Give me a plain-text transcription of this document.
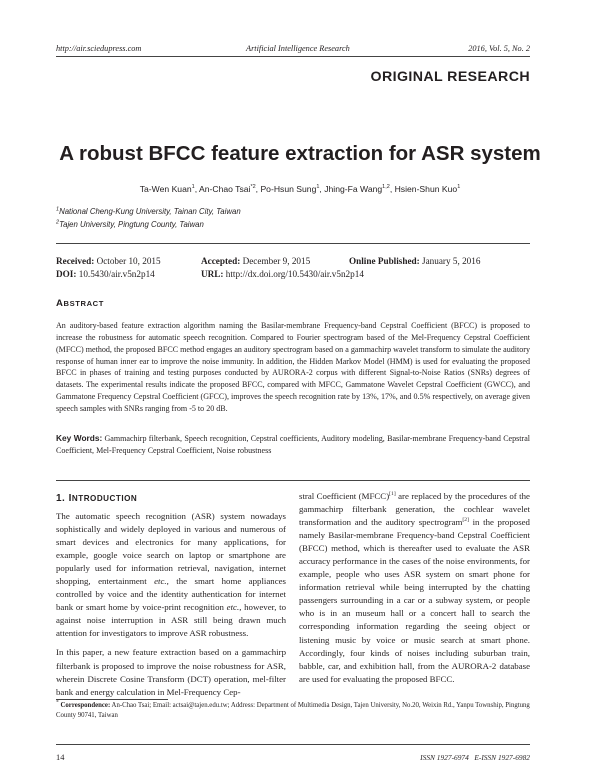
http://air.sciedupress.com	Artificial Intelligence Research	2016, Vol. 5, No. 2
ORIGINAL RESEARCH
A robust BFCC feature extraction for ASR system
Ta-Wen Kuan$^1$, An-Chao Tsai$^{*2}$, Po-Hsun Sung$^1$, Jhing-Fa Wang$^{1,2}$, Hsien-Shun Kuo$^1$
$^1$National Cheng-Kung University, Tainan City, Taiwan
$^2$Tajen University, Pingtung County, Taiwan
Received: October 10, 2015	Accepted: December 9, 2015	Online Published: January 5, 2016
DOI: 10.5430/air.v5n2p14	URL: http://dx.doi.org/10.5430/air.v5n2p14
ABSTRACT
An auditory-based feature extraction algorithm naming the Basilar-membrane Frequency-band Cepstral Coefficient (BFCC) is proposed to increase the robustness for automatic speech recognition. Compared to Fourier spectrogram based of the Mel-Frequency Cepstral Coefficient (MFCC) method, the proposed BFCC method engages an auditory spectrogram based on a gammachirp wavelet transform to simulate the auditory response of human inner ear to improve the noise immunity. In addition, the Hidden Markov Model (HMM) is used for evaluating the proposed BFCC in phases of training and testing purposes conducted by AURORA-2 corpus with different Signal-to-Noise Ratios (SNRs) degrees of datasets. The experimental results indicate the proposed BFCC, compared with MFCC, Gammatone Wavelet Cepstral Coefficient (GWCC), and Gammatone Frequency Cepstral Coefficient (GFCC), improves the speech recognition rate by 13%, 17%, and 0.5% respectively, on average given speech samples with SNRs ranging from -5 to 20 dB.
Key Words: Gammachirp filterbank, Speech recognition, Cepstral coefficients, Auditory modeling, Basilar-membrane Frequency-band Cepstral Coefficient, Mel-Frequency Cepstral Coefficient, Noise robustness
1. INTRODUCTION

The automatic speech recognition (ASR) system nowadays sophistically and widely deployed in various and numerous of smart devices and electronics for many applications, for example, google voice search on laptop or smartphone are popularly used for information retrieval, navigation, internet shopping, entertainment etc., the smart home appliances controlled by voice and the identity authentication for internet bank or smart home by voice-print recognition etc., however, to against noise interruption in ASR still being drawn much attention for investigators to improve ASR robustness.

In this paper, a new feature extraction based on a gammachirp filterbank is proposed to improve the noise robustness for ASR, wherein Discrete Cosine Transform (DCT) operation, mel-filter bank and energy calculation in Mel-Frequency Cep-

stral Coefficient (MFCC)[1] are replaced by the procedures of the gammachirp filterbank generation, the cochlear wavelet transformation and the auditory spectrogram[2] in the proposed namely Basilar-membrane Frequency-band Cepstral Coefficient (BFCC) method, which is thereafter used to evaluate the ASR accuracy performance in the cases of the noise environments, for example, people who uses ASR system on smart phone for information retrieval while being interrupted by the chatting passengers surrounding in a car or a subway system, or people who is in an museum hall or a concert hall to search the corresponding information regarding the seeing object or listening music by voice or music search at smart phone. Accordingly, four kinds of noises including suburban train, babble, car, and exhibition hall, from the AURORA-2 database are used for evaluating the proposed BFCC.

* Correspondence: An-Chao Tsai; Email: actsai@tajen.edu.tw; Address: Department of Multimedia Design, Tajen University, No.20, Weixin Rd., Yanpu Township, Pingtung County 90741, Taiwan
14	ISSN 1927-6974 E-ISSN 1927-6982
